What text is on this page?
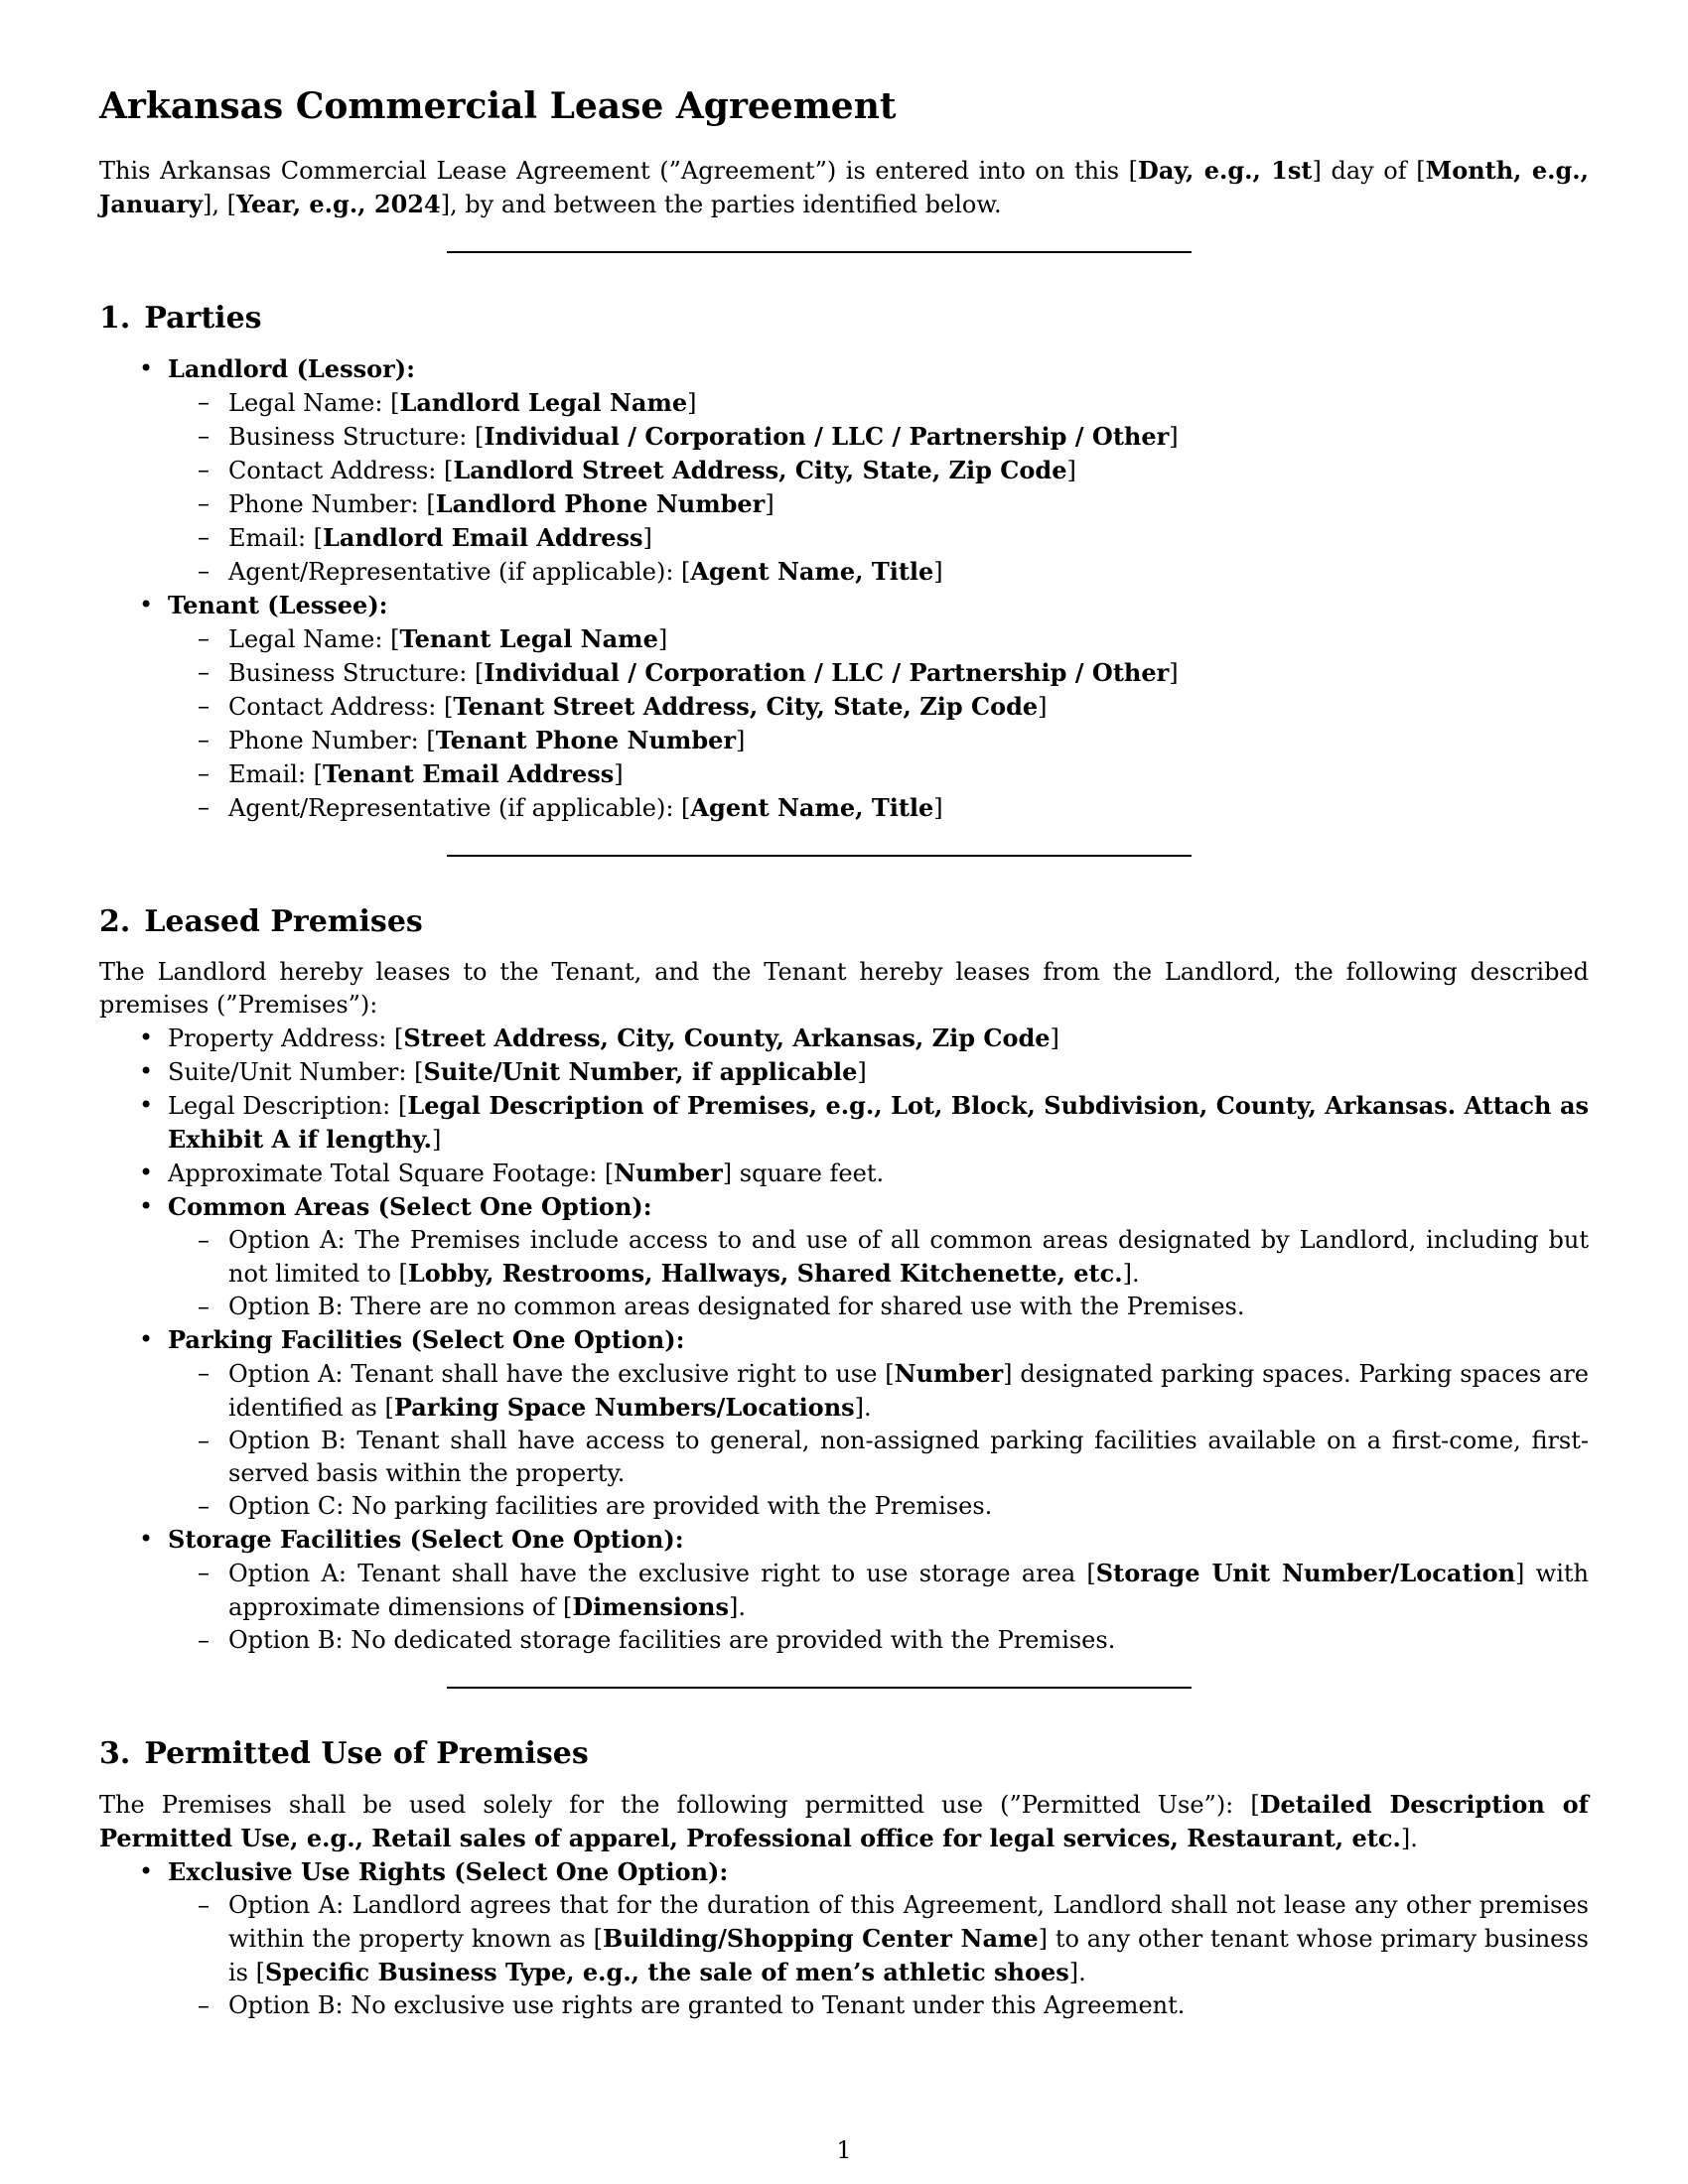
Arkansas Commercial Lease Agreement

This Arkansas Commercial Lease Agreement (”Agreement”) is entered into on this [Day, e.g., 1st] day of [Month, e.g., January], [Year, e.g., 2024], by and between the parties identified below.

1. Parties
• Landlord (Lessor):
– Legal Name: [Landlord Legal Name]
– Business Structure: [Individual / Corporation / LLC / Partnership / Other]
– Contact Address: [Landlord Street Address, City, State, Zip Code]
– Phone Number: [Landlord Phone Number]
– Email: [Landlord Email Address]
– Agent/Representative (if applicable): [Agent Name, Title]
• Tenant (Lessee):
– Legal Name: [Tenant Legal Name]
– Business Structure: [Individual / Corporation / LLC / Partnership / Other]
– Contact Address: [Tenant Street Address, City, State, Zip Code]
– Phone Number: [Tenant Phone Number]
– Email: [Tenant Email Address]
– Agent/Representative (if applicable): [Agent Name, Title]
2. Leased Premises

The Landlord hereby leases to the Tenant, and the Tenant hereby leases from the Landlord, the following described premises (”Premises”):

• Property Address: [Street Address, City, County, Arkansas, Zip Code]
• Suite/Unit Number: [Suite/Unit Number, if applicable]
• Legal Description: [Legal Description of Premises, e.g., Lot, Block, Subdivision, County, Arkansas. Attach as Exhibit A if lengthy.]
• Approximate Total Square Footage: [Number] square feet.
• Common Areas (Select One Option):
– Option A: The Premises include access to and use of all common areas designated by Landlord, including but not limited to [Lobby, Restrooms, Hallways, Shared Kitchenette, etc.].
– Option B: There are no common areas designated for shared use with the Premises.
• Parking Facilities (Select One Option):
– Option A: Tenant shall have the exclusive right to use [Number] designated parking spaces. Parking spaces are identified as [Parking Space Numbers/Locations].
– Option B: Tenant shall have access to general, non-assigned parking facilities available on a first-come, first-served basis within the property.
– Option C: No parking facilities are provided with the Premises.
• Storage Facilities (Select One Option):
– Option A: Tenant shall have the exclusive right to use storage area [Storage Unit Number/Location] with approximate dimensions of [Dimensions].
– Option B: No dedicated storage facilities are provided with the Premises.
3. Permitted Use of Premises

The Premises shall be used solely for the following permitted use (”Permitted Use”): [Detailed Description of Permitted Use, e.g., Retail sales of apparel, Professional office for legal services, Restaurant, etc.].

• Exclusive Use Rights (Select One Option):
– Option A: Landlord agrees that for the duration of this Agreement, Landlord shall not lease any other premises within the property known as [Building/Shopping Center Name] to any other tenant whose primary business is [Specific Business Type, e.g., the sale of men’s athletic shoes].
– Option B: No exclusive use rights are granted to Tenant under this Agreement.
1
